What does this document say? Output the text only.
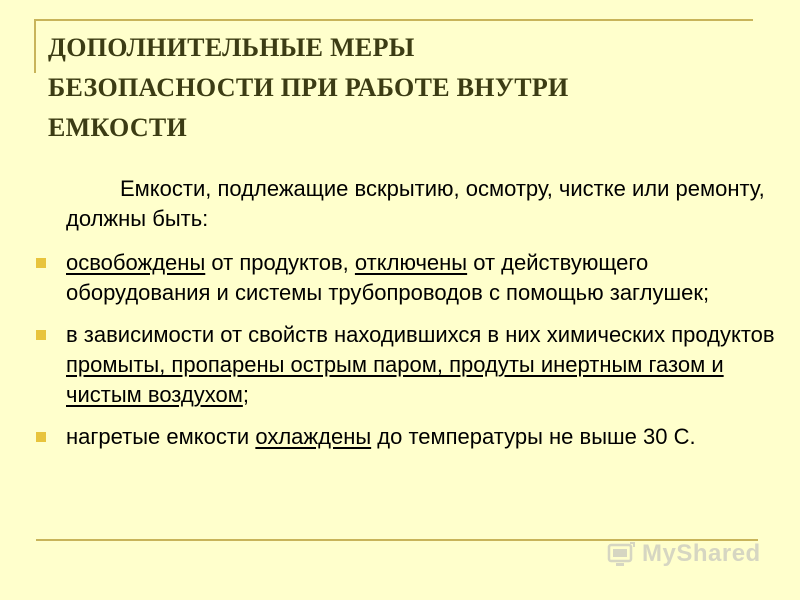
ДОПОЛНИТЕЛЬНЫЕ МЕРЫ
БЕЗОПАСНОСТИ ПРИ РАБОТЕ ВНУТРИ
ЕМКОСТИ

Емкости, подлежащие вскрытию, осмотру, чистке или ремонту, должны быть:

освобождены от продуктов, отключены от действующего оборудования и системы трубопроводов с помощью заглушек;
в зависимости от свойств находившихся в них химических продуктов промыты, пропарены острым паром, продуты инертным газом и чистым воздухом;
нагретые емкости охлаждены до температуры не выше 30 С.
MyShared
